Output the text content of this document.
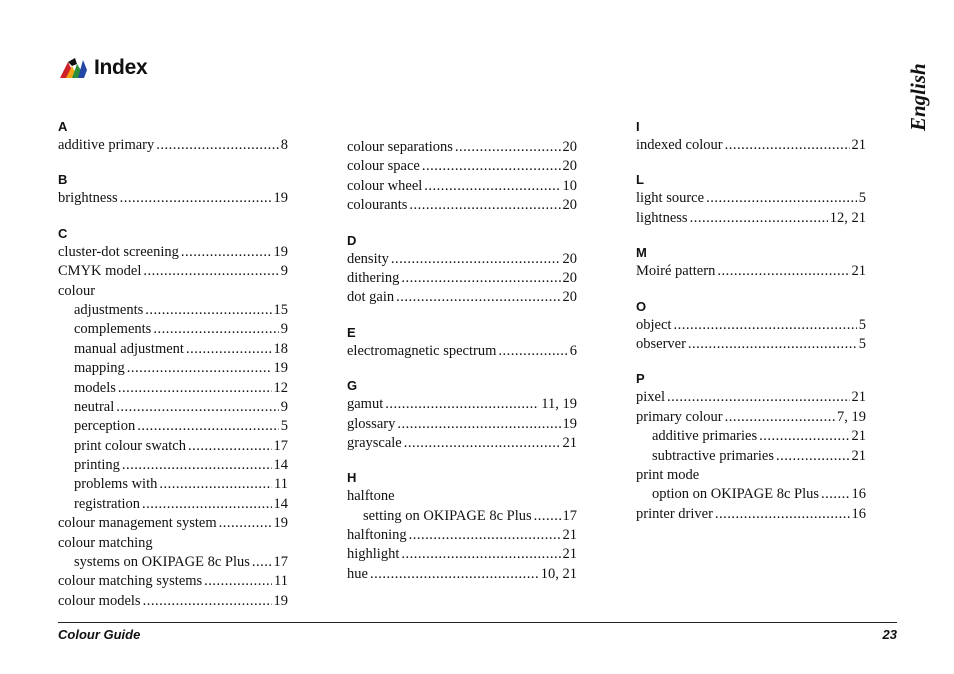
Index	English
A
additive primary .....	8
B
brightness .....	19
C
cluster-dot screening .....	19
CMYK model .....	9
colour
adjustments .....	15
complements .....	9
manual adjustment .....	18
mapping .....	19
models .....	12
neutral .....	9
perception .....	5
print colour swatch .....	17
printing .....	14
problems with .....	11
registration .....	14
colour management system .....	19
colour matching
systems on OKIPAGE 8c Plus ..... 17
colour matching systems .....	11
colour models .....	19
colour separations .....	20
colour space .....	20
colour wheel .....	10
colourants .....	20
D
density .....	20
dithering .....	20
dot gain .....	20
E
electromagnetic spectrum .....	6
G
gamut .....	11, 19
glossary .....	19
grayscale .....	21
H
halftone
setting on OKIPAGE 8c Plus ..... 17
halftoning .....	21
highlight .....	21
hue .....	10, 21
I
indexed colour .....	21
L
light source .....	5
lightness .....	12, 21
M
Moiré pattern .....	21
O
object .....	5
observer .....	5
P
pixel .....	21
primary colour .....	7, 19
additive primaries .....	21
subtractive primaries .....	21
print mode
option on OKIPAGE 8c Plus ..... 16
printer driver .....	16
Colour Guide	23
